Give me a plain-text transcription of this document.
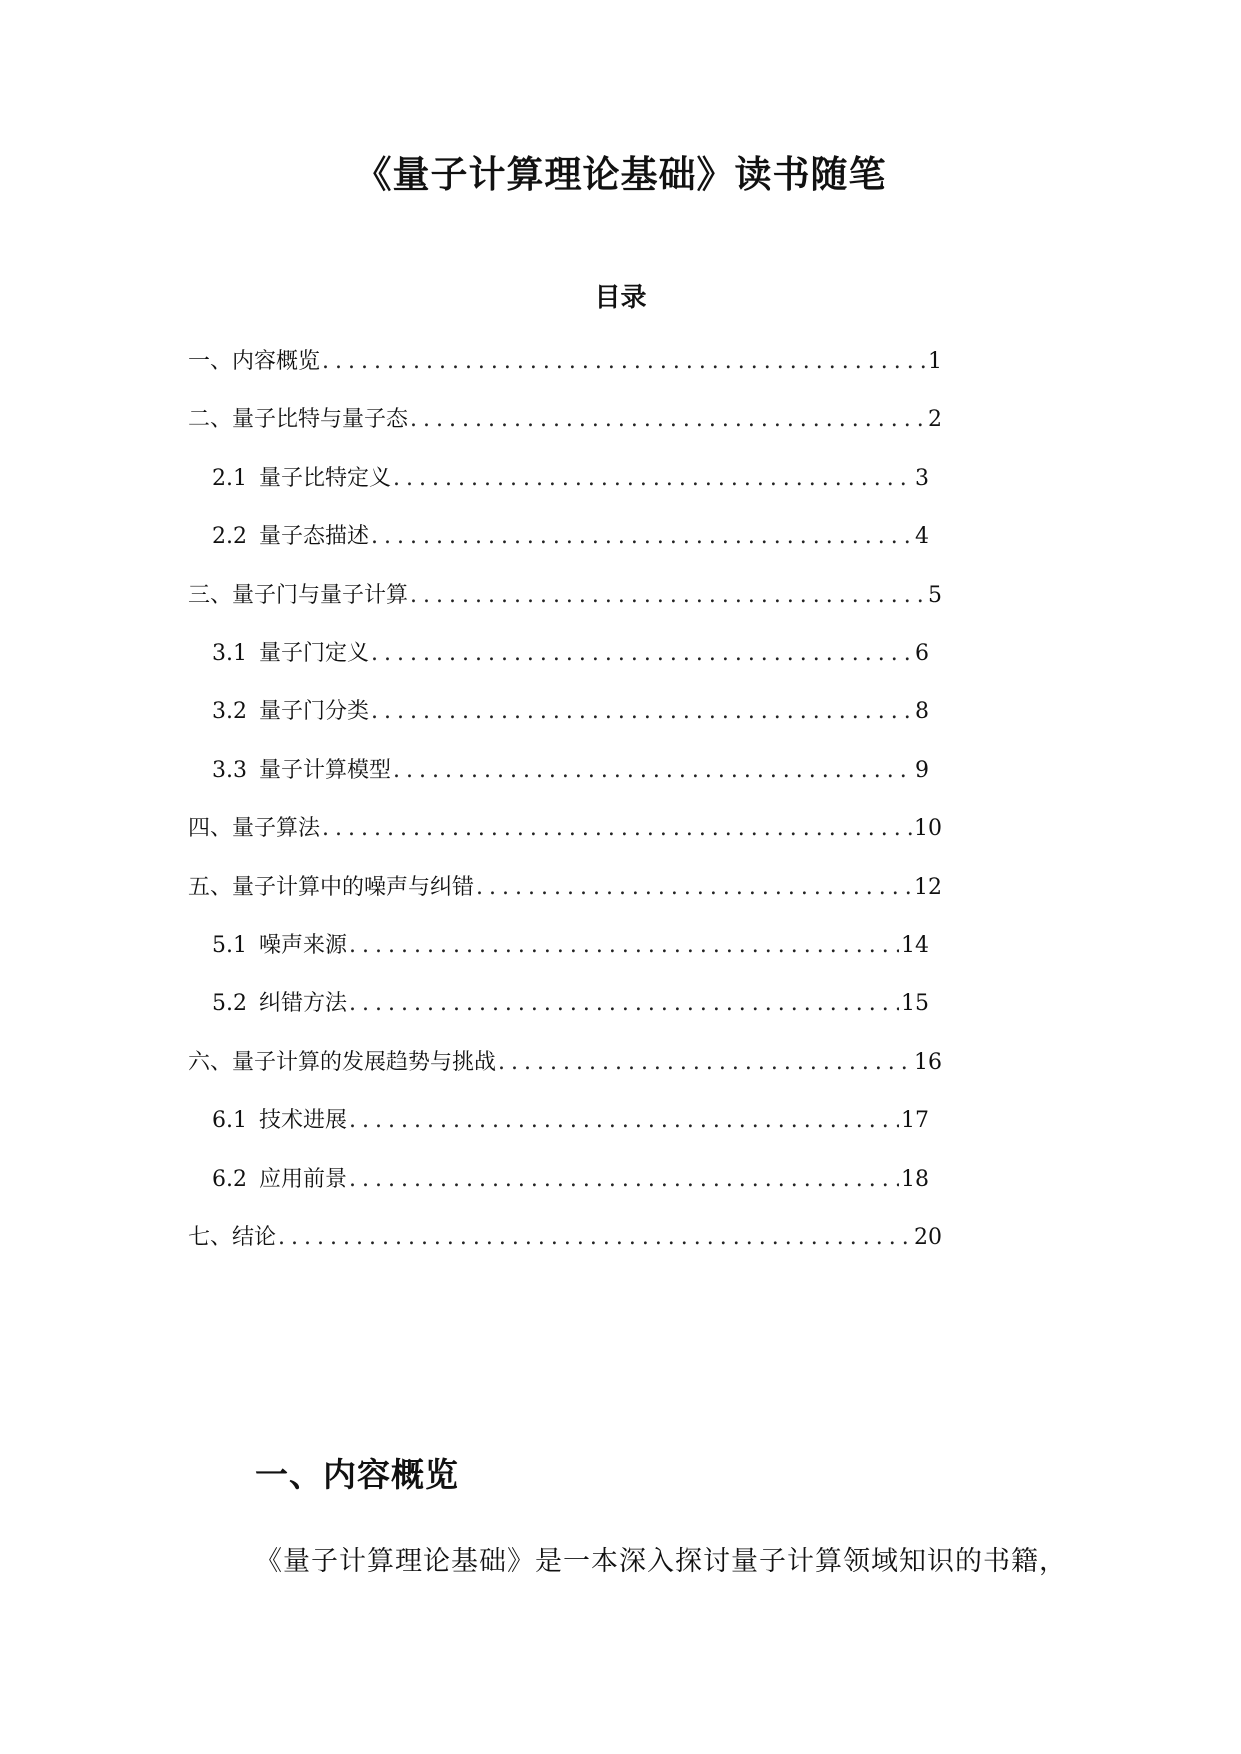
《量子计算理论基础》读书随笔
目录
一、内容概览 .....	1
二、量子比特与量子态 .....	2
2.1 量子比特定义 .....	3
2.2 量子态描述 .....	4
三、量子门与量子计算 .....	5
3.1 量子门定义 .....	6
3.2 量子门分类 .....	8
3.3 量子计算模型 .....	9
四、量子算法 .....	10
五、量子计算中的噪声与纠错 .....	12
5.1 噪声来源 .....	14
5.2 纠错方法 .....	15
六、量子计算的发展趋势与挑战 .....	16
6.1 技术进展 .....	17
6.2 应用前景 .....	18
七、结论 .....	20
一、内容概览
《量子计算理论基础》是一本深入探讨量子计算领域知识的书籍，
